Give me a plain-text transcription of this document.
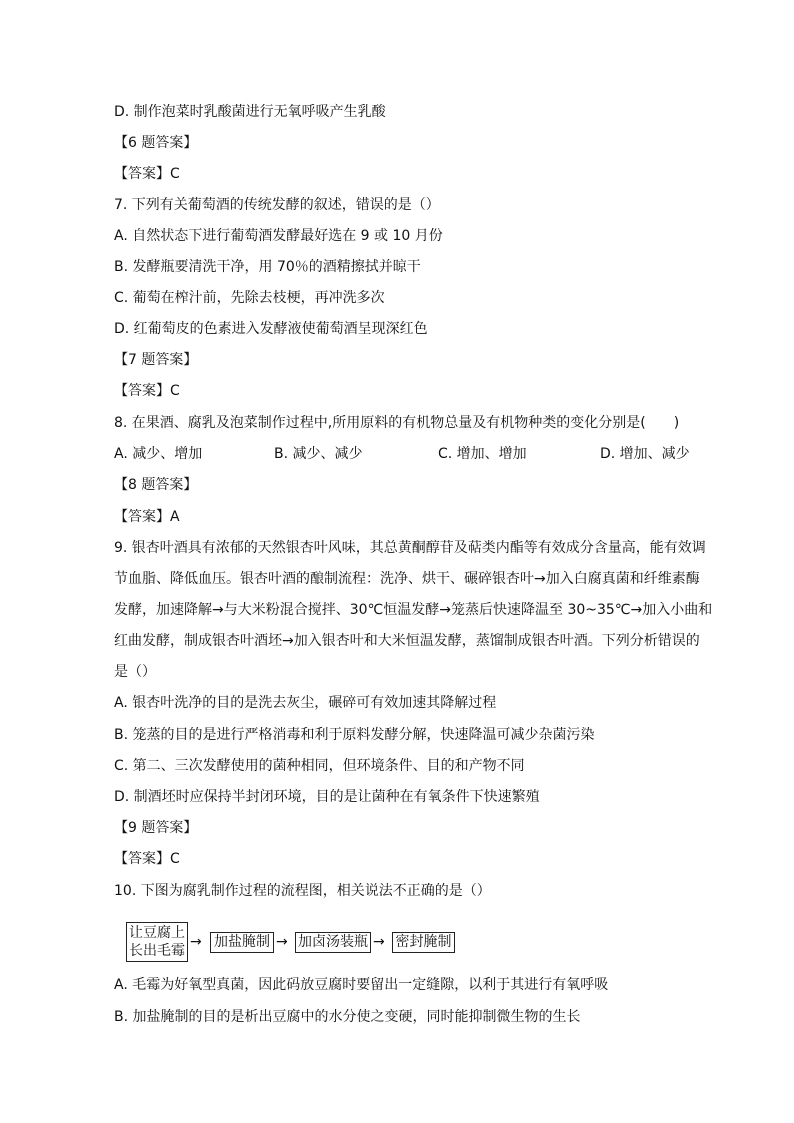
D. 制作泡菜时乳酸菌进行无氧呼吸产生乳酸
【6 题答案】
【答案】C
7. 下列有关葡萄酒的传统发酵的叙述，错误的是（）
A. 自然状态下进行葡萄酒发酵最好选在 9 或 10 月份
B. 发酵瓶要清洗干净，用 70％的酒精擦拭并晾干
C. 葡萄在榨汁前，先除去枝梗，再冲洗多次
D. 红葡萄皮的色素进入发酵液使葡萄酒呈现深红色
【7 题答案】
【答案】C
8. 在果酒、腐乳及泡菜制作过程中,所用原料的有机物总量及有机物种类的变化分别是(　　)
A. 减少、增加	B. 减少、减少	C. 增加、增加	D. 增加、减少
【8 题答案】
【答案】A
9. 银杏叶酒具有浓郁的天然银杏叶风味，其总黄酮醇苷及萜类内酯等有效成分含量高，能有效调
节血脂、降低血压。银杏叶酒的酿制流程：洗净、烘干、碾碎银杏叶→加入白腐真菌和纤维素酶
发酵，加速降解→与大米粉混合搅拌、30℃恒温发酵→笼蒸后快速降温至 30~35℃→加入小曲和
红曲发酵，制成银杏叶酒坯→加入银杏叶和大米恒温发酵，蒸馏制成银杏叶酒。下列分析错误的
是（）
A. 银杏叶洗净的目的是洗去灰尘，碾碎可有效加速其降解过程
B. 笼蒸的目的是进行严格消毒和利于原料发酵分解，快速降温可减少杂菌污染
C. 第二、三次发酵使用的菌种相同，但环境条件、目的和产物不同
D. 制酒坯时应保持半封闭环境，目的是让菌种在有氧条件下快速繁殖
【9 题答案】
【答案】C
10. 下图为腐乳制作过程的流程图，相关说法不正确的是（）
让豆腐上
长出毛霉
→ 加盐腌制 → 加卤汤装瓶 → 密封腌制
A. 毛霉为好氧型真菌，因此码放豆腐时要留出一定缝隙，以利于其进行有氧呼吸
B. 加盐腌制的目的是析出豆腐中的水分使之变硬，同时能抑制微生物的生长
